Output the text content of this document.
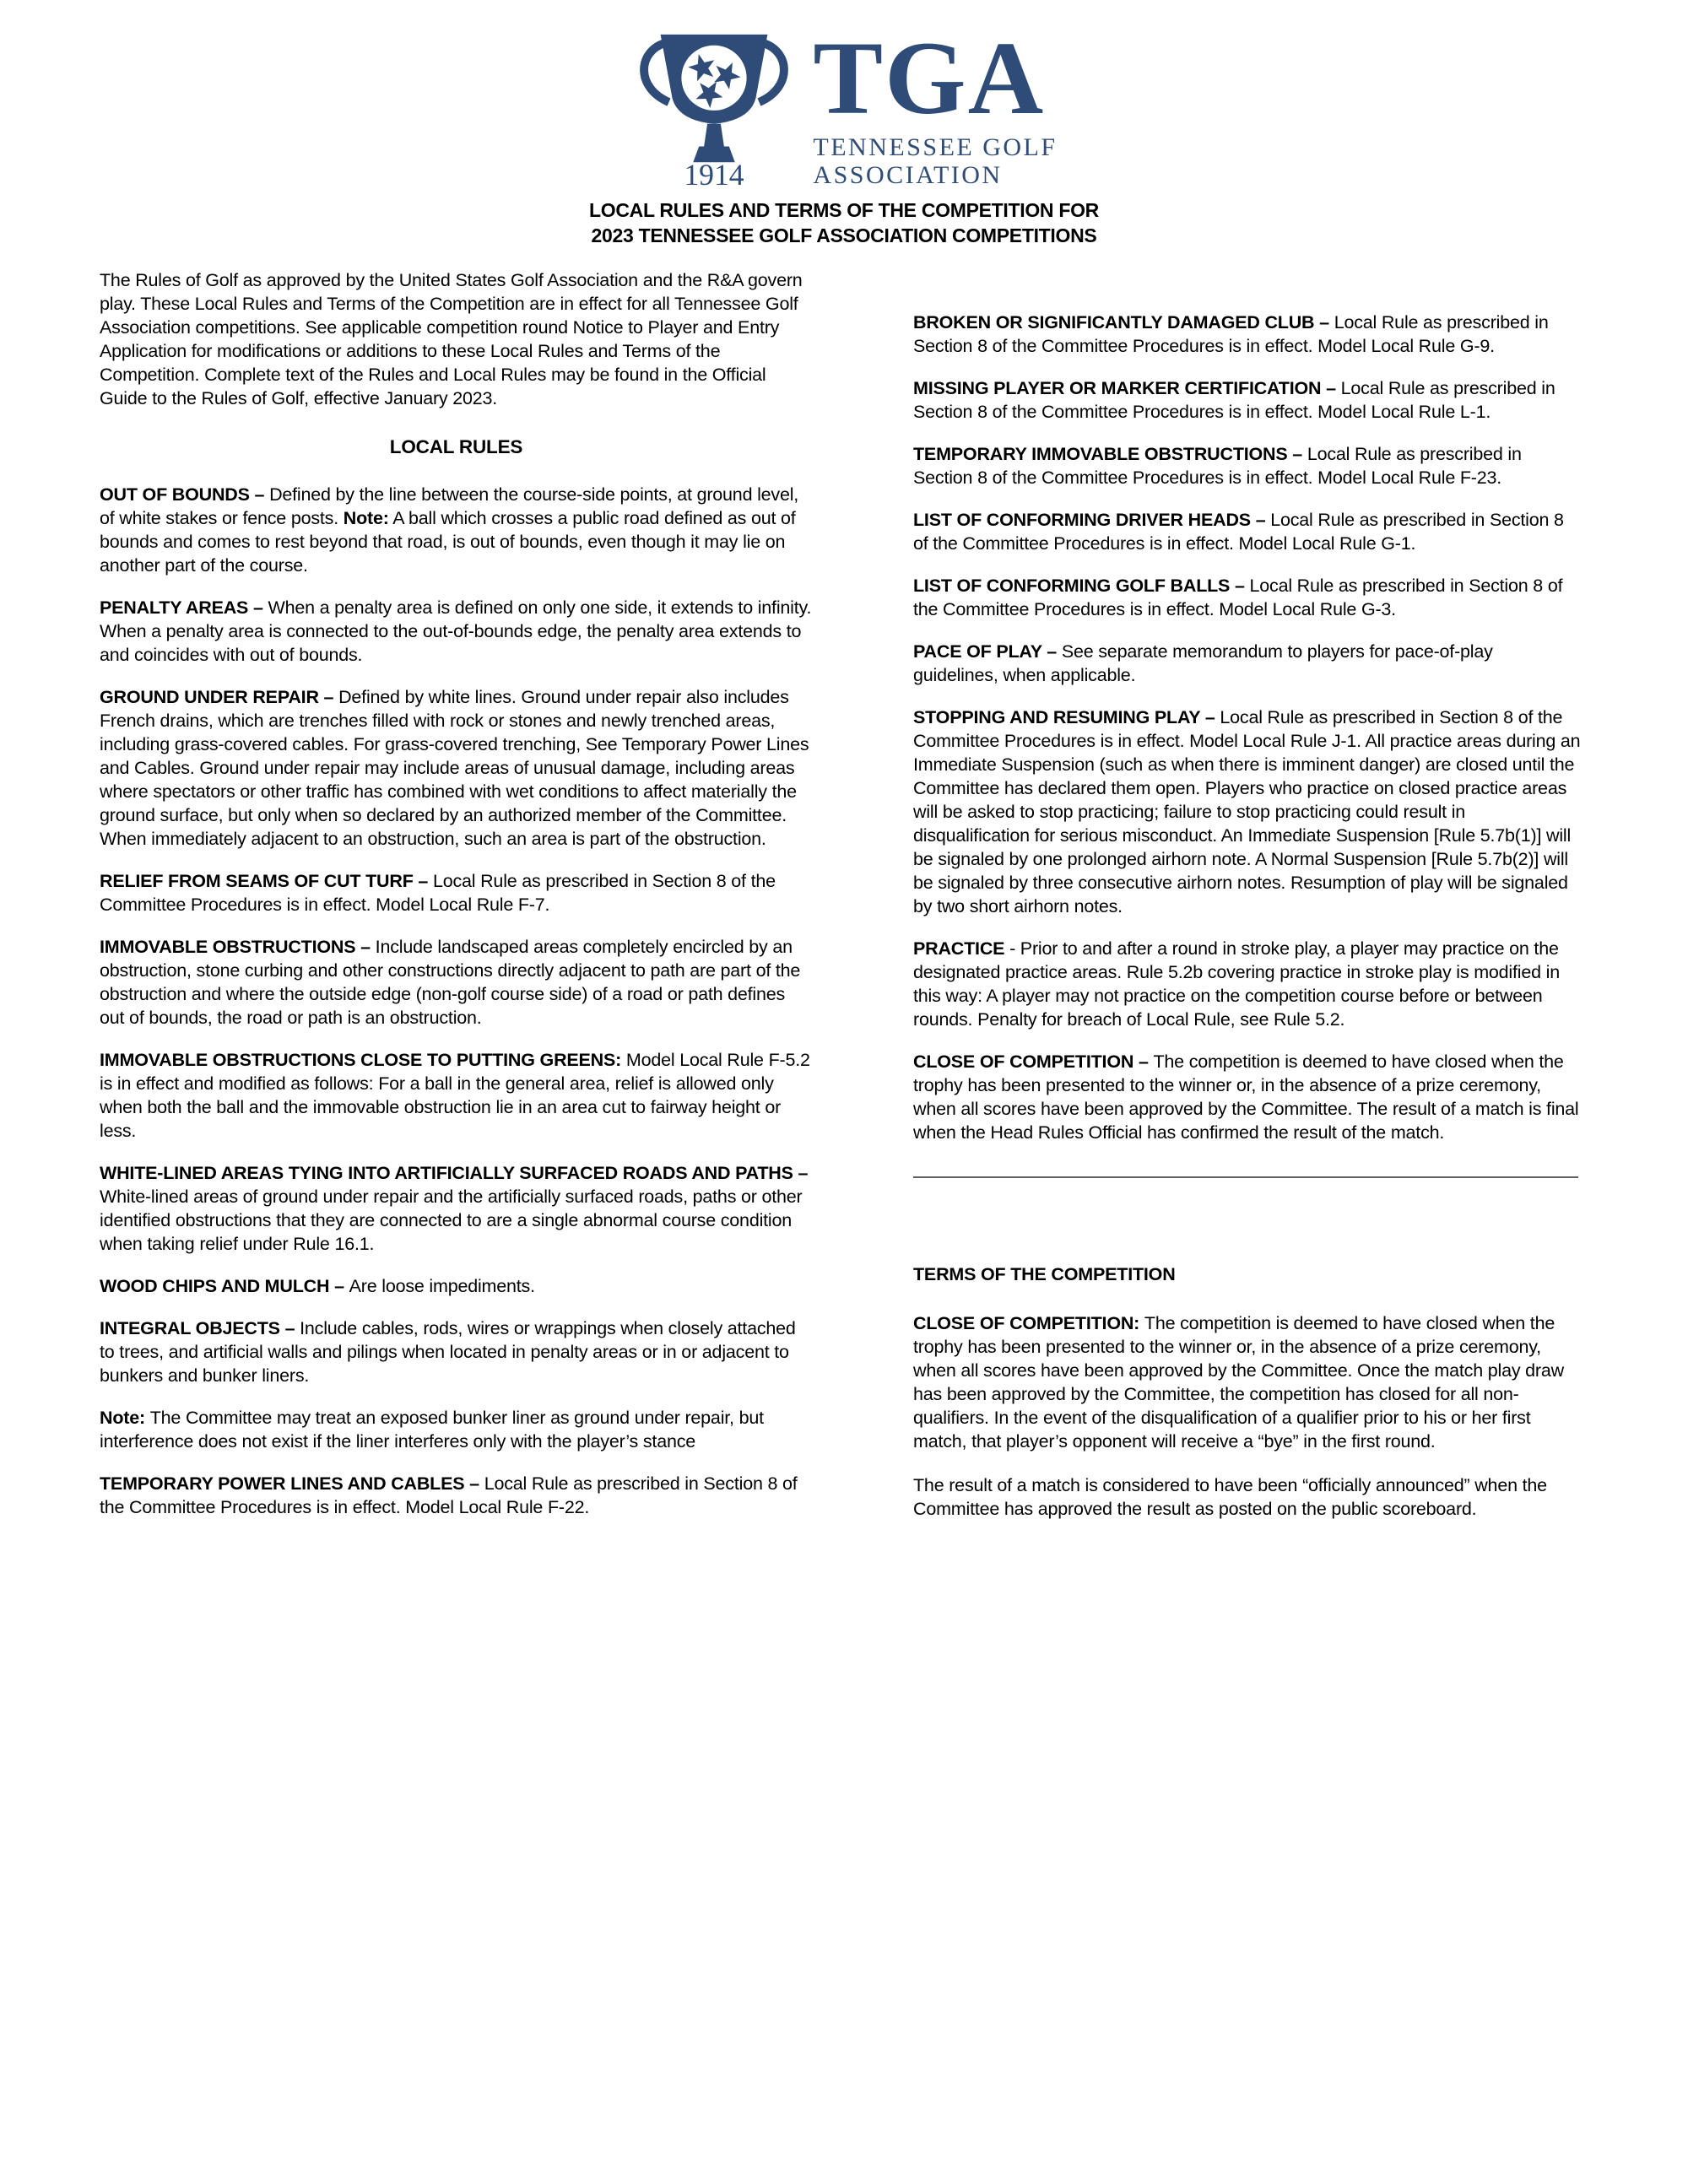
1914
TGA
TENNESSEE GOLF
ASSOCIATION
LOCAL RULES AND TERMS OF THE COMPETITION FOR
2023 TENNESSEE GOLF ASSOCIATION COMPETITIONS

The Rules of Golf as approved by the United States Golf Association and the R&A govern play. These Local Rules and Terms of the Competition are in effect for all Tennessee Golf Association competitions. See applicable competition round Notice to Player and Entry Application for modifications or additions to these Local Rules and Terms of the Competition. Complete text of the Rules and Local Rules may be found in the Official Guide to the Rules of Golf, effective January 2023.

LOCAL RULES

OUT OF BOUNDS – Defined by the line between the course-side points, at ground level, of white stakes or fence posts. Note: A ball which crosses a public road defined as out of bounds and comes to rest beyond that road, is out of bounds, even though it may lie on another part of the course.

PENALTY AREAS – When a penalty area is defined on only one side, it extends to infinity. When a penalty area is connected to the out-of-bounds edge, the penalty area extends to and coincides with out of bounds.

GROUND UNDER REPAIR – Defined by white lines. Ground under repair also includes French drains, which are trenches filled with rock or stones and newly trenched areas, including grass-covered cables. For grass-covered trenching, See Temporary Power Lines and Cables. Ground under repair may include areas of unusual damage, including areas where spectators or other traffic has combined with wet conditions to affect materially the ground surface, but only when so declared by an authorized member of the Committee. When immediately adjacent to an obstruction, such an area is part of the obstruction.

RELIEF FROM SEAMS OF CUT TURF – Local Rule as prescribed in Section 8 of the Committee Procedures is in effect. Model Local Rule F-7.

IMMOVABLE OBSTRUCTIONS – Include landscaped areas completely encircled by an obstruction, stone curbing and other constructions directly adjacent to path are part of the obstruction and where the outside edge (non-golf course side) of a road or path defines out of bounds, the road or path is an obstruction.

IMMOVABLE OBSTRUCTIONS CLOSE TO PUTTING GREENS: Model Local Rule F-5.2 is in effect and modified as follows: For a ball in the general area, relief is allowed only when both the ball and the immovable obstruction lie in an area cut to fairway height or less.

WHITE-LINED AREAS TYING INTO ARTIFICIALLY SURFACED ROADS AND PATHS – White-lined areas of ground under repair and the artificially surfaced roads, paths or other identified obstructions that they are connected to are a single abnormal course condition when taking relief under Rule 16.1.

WOOD CHIPS AND MULCH – Are loose impediments.

INTEGRAL OBJECTS – Include cables, rods, wires or wrappings when closely attached to trees, and artificial walls and pilings when located in penalty areas or in or adjacent to bunkers and bunker liners.

Note: The Committee may treat an exposed bunker liner as ground under repair, but interference does not exist if the liner interferes only with the player’s stance

TEMPORARY POWER LINES AND CABLES – Local Rule as prescribed in Section 8 of the Committee Procedures is in effect. Model Local Rule F-22.

BROKEN OR SIGNIFICANTLY DAMAGED CLUB – Local Rule as prescribed in Section 8 of the Committee Procedures is in effect. Model Local Rule G-9.

MISSING PLAYER OR MARKER CERTIFICATION – Local Rule as prescribed in Section 8 of the Committee Procedures is in effect. Model Local Rule L-1.

TEMPORARY IMMOVABLE OBSTRUCTIONS – Local Rule as prescribed in Section 8 of the Committee Procedures is in effect. Model Local Rule F-23.

LIST OF CONFORMING DRIVER HEADS – Local Rule as prescribed in Section 8 of the Committee Procedures is in effect. Model Local Rule G-1.

LIST OF CONFORMING GOLF BALLS – Local Rule as prescribed in Section 8 of the Committee Procedures is in effect. Model Local Rule G-3.

PACE OF PLAY – See separate memorandum to players for pace-of-play guidelines, when applicable.

STOPPING AND RESUMING PLAY – Local Rule as prescribed in Section 8 of the Committee Procedures is in effect. Model Local Rule J-1. All practice areas during an Immediate Suspension (such as when there is imminent danger) are closed until the Committee has declared them open. Players who practice on closed practice areas will be asked to stop practicing; failure to stop practicing could result in disqualification for serious misconduct. An Immediate Suspension [Rule 5.7b(1)] will be signaled by one prolonged airhorn note. A Normal Suspension [Rule 5.7b(2)] will be signaled by three consecutive airhorn notes. Resumption of play will be signaled by two short airhorn notes.

PRACTICE - Prior to and after a round in stroke play, a player may practice on the designated practice areas. Rule 5.2b covering practice in stroke play is modified in this way: A player may not practice on the competition course before or between rounds. Penalty for breach of Local Rule, see Rule 5.2.

CLOSE OF COMPETITION – The competition is deemed to have closed when the trophy has been presented to the winner or, in the absence of a prize ceremony, when all scores have been approved by the Committee. The result of a match is final when the Head Rules Official has confirmed the result of the match.

TERMS OF THE COMPETITION

CLOSE OF COMPETITION: The competition is deemed to have closed when the trophy has been presented to the winner or, in the absence of a prize ceremony, when all scores have been approved by the Committee. Once the match play draw has been approved by the Committee, the competition has closed for all non-qualifiers. In the event of the disqualification of a qualifier prior to his or her first match, that player’s opponent will receive a “bye” in the first round.

The result of a match is considered to have been “officially announced” when the Committee has approved the result as posted on the public scoreboard.
